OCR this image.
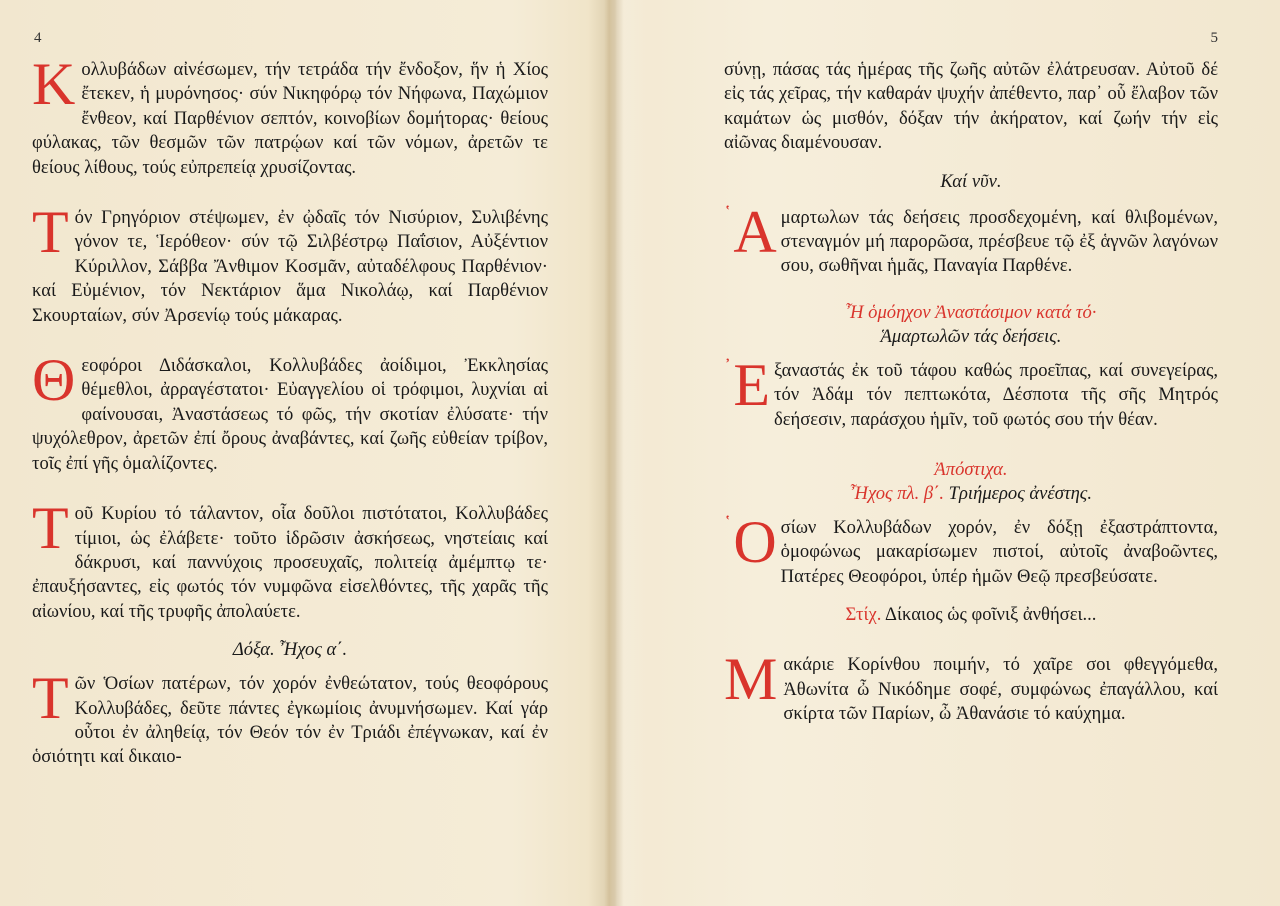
4

Κολλυβάδων αἰνέσωμεν, τήν τετράδα τήν ἔνδοξον, ἥν ἡ Χίος ἔτεκεν, ἡ μυρόνησος· σύν Νικηφόρῳ τόν Νήφωνα, Παχώμιον ἔνθεον, καί Παρθένιον σεπτόν, κοινοβίων δομήτορας· θείους φύλακας, τῶν θεσμῶν τῶν πατρῴων καί τῶν νόμων, ἀρετῶν τε θείους λίθους, τούς εὐπρεπείᾳ χρυσίζοντας.

Τόν Γρηγόριον στέψωμεν, ἐν ᾠδαῖς τόν Νισύριον, Συλιβένης γόνον τε, Ἱερόθεον· σύν τῷ Σιλβέστρῳ Παΐσιον, Αὐξέντιον Κύριλλον, Σάββα Ἄνθιμον Κοσμᾶν, αὐταδέλφους Παρθένιον· καί Εὐμένιον, τόν Νεκτάριον ἅμα Νικολάῳ, καί Παρθένιον Σκουρταίων, σύν Ἀρσενίῳ τούς μάκαρας.

Θεοφόροι Διδάσκαλοι, Κολλυβάδες ἀοίδιμοι, Ἐκκλησίας θέμεθλοι, ἀρραγέστατοι· Εὐαγγελίου οἱ τρόφιμοι, λυχνίαι αἱ φαίνουσαι, Ἀναστάσεως τό φῶς, τήν σκοτίαν ἐλύσατε· τήν ψυχόλεθρον, ἀρετῶν ἐπί ὄρους ἀναβάντες, καί ζωῆς εὐθείαν τρίβον, τοῖς ἐπί γῆς ὁμαλίζοντες.

Τοῦ Κυρίου τό τάλαντον, οἷα δοῦλοι πιστότατοι, Κολλυβάδες τίμιοι, ὡς ἐλάβετε· τοῦτο ἱδρῶσιν ἀσκήσεως, νηστείαις καί δάκρυσι, καί παννύχοις προσευχαῖς, πολιτείᾳ ἀμέμπτῳ τε· ἐπαυξήσαντες, εἰς φωτός τόν νυμφῶνα εἰσελθόντες, τῆς χαρᾶς τῆς αἰωνίου, καί τῆς τρυφῆς ἀπολαύετε.

Δόξα. Ἦχος α΄.

Τῶν Ὁσίων πατέρων, τόν χορόν ἐνθεώτατον, τούς θεοφόρους Κολλυβάδες, δεῦτε πάντες ἐγκωμίοις ἀνυμνήσωμεν. Καί γάρ οὗτοι ἐν ἀληθείᾳ, τόν Θεόν τόν ἐν Τριάδι ἐπέγνωκαν, καί ἐν ὁσιότητι καί δικαιο-

5

σύνῃ, πάσας τάς ἡμέρας τῆς ζωῆς αὐτῶν ἐλάτρευσαν. Αὐτοῦ δέ εἰς τάς χεῖρας, τήν καθαράν ψυχήν ἀπέθεντο, παρ᾽ οὗ ἔλαβον τῶν καμάτων ὡς μισθόν, δόξαν τήν ἀκήρατον, καί ζωήν τήν εἰς αἰῶνας διαμένουσαν.

Καί νῦν.

῾ Α μαρτωλων τάς δεήσεις προσδεχομένη, καί θλιβομένων, στεναγμόν μή παρορῶσα, πρέσβευε τῷ ἐξ ἁγνῶν λαγόνων σου, σωθῆναι ἡμᾶς, Παναγία Παρθένε.

Ἦ ὁμόηχον Ἀναστάσιμον κατά τό·
Ἁμαρτωλῶν τάς δεήσεις.

᾿ Ε ξαναστάς ἐκ τοῦ τάφου καθώς προεῖπας, καί συνεγείρας, τόν Ἀδάμ τόν πεπτωκότα, Δέσποτα τῆς σῆς Μητρός δεήσεσιν, παράσχου ἡμῖν, τοῦ φωτός σου τήν θέαν.

Ἀπόστιχα.
Ἦχος πλ. β΄. Τριήμερος ἀνέστης.

῾ Ο σίων Κολλυβάδων χορόν, ἐν δόξῃ ἐξαστράπτοντα, ὁμοφώνως μακαρίσωμεν πιστοί, αὐτοῖς ἀναβοῶντες, Πατέρες Θεοφόροι, ὑπέρ ἡμῶν Θεῷ πρεσβεύσατε.

Στίχ. Δίκαιος ὡς φοῖνιξ ἀνθήσει...

Μακάριε Κορίνθου ποιμήν, τό χαῖρε σοι φθεγγόμεθα, Ἀθωνίτα ὦ Νικόδημε σοφέ, συμφώνως ἐπαγάλλου, καί σκίρτα τῶν Παρίων, ὦ Ἀθανάσιε τό καύχημα.
